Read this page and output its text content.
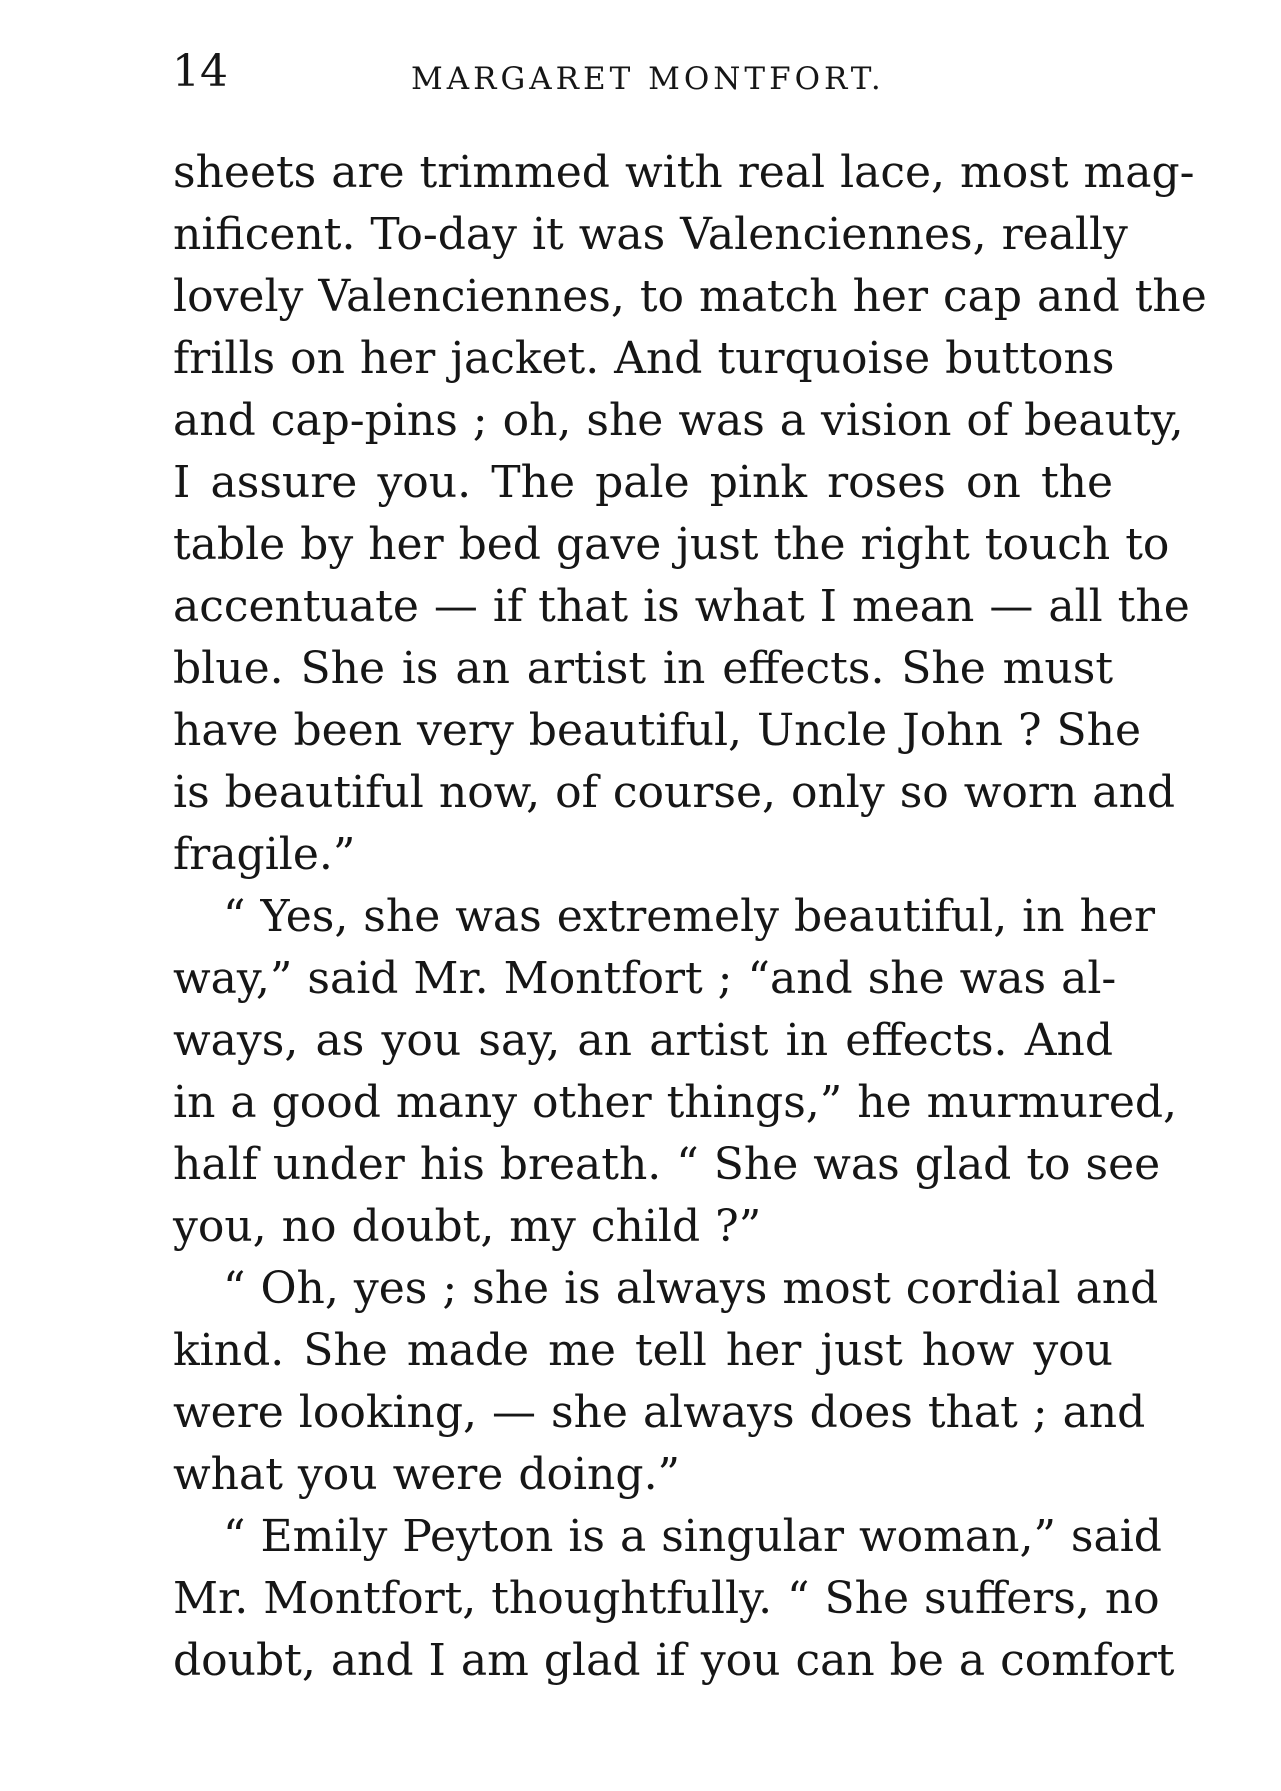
14	MARGARET MONTFORT.
sheets are trimmed with real lace, most mag-
nificent. To-day it was Valenciennes, really
lovely Valenciennes, to match her cap and the
frills on her jacket. And turquoise buttons
and cap-pins ; oh, she was a vision of beauty,
I assure you. The pale pink roses on the
table by her bed gave just the right touch to
accentuate — if that is what I mean — all the
blue. She is an artist in effects. She must
have been very beautiful, Uncle John ? She
is beautiful now, of course, only so worn and
fragile.”
“ Yes, she was extremely beautiful, in her
way,” said Mr. Montfort ; “and she was al-
ways, as you say, an artist in effects. And
in a good many other things,” he murmured,
half under his breath. “ She was glad to see
you, no doubt, my child ?”
“ Oh, yes ; she is always most cordial and
kind. She made me tell her just how you
were looking, — she always does that ; and
what you were doing.”
“ Emily Peyton is a singular woman,” said
Mr. Montfort, thoughtfully. “ She suffers, no
doubt, and I am glad if you can be a comfort
